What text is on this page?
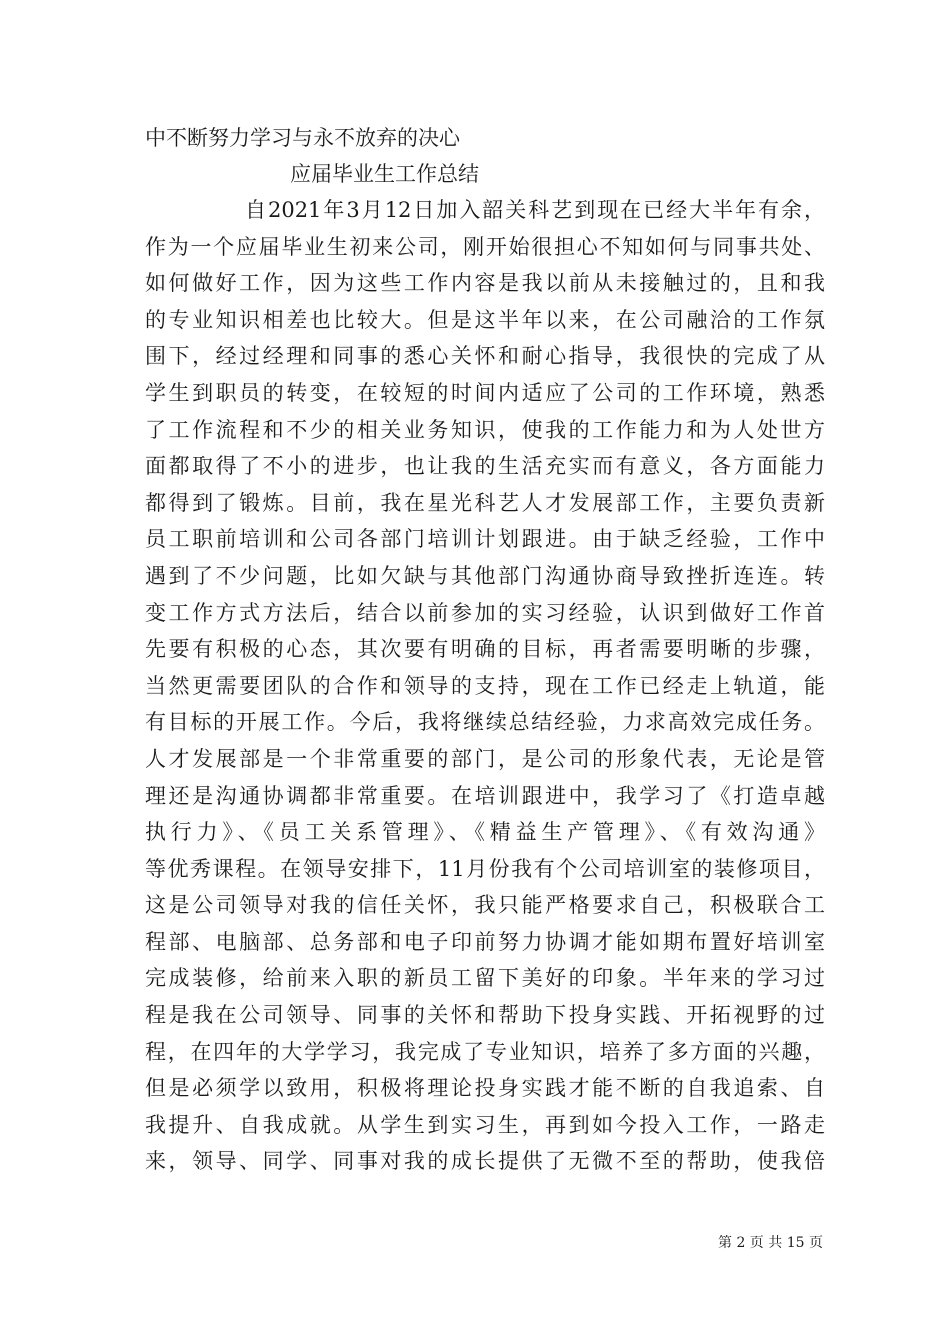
中不断努力学习与永不放弃的决心
应届毕业生工作总结
自2021年3月12日加入韶关科艺到现在已经大半年有余，
作为一个应届毕业生初来公司，刚开始很担心不知如何与同事共处、
如何做好工作，因为这些工作内容是我以前从未接触过的，且和我
的专业知识相差也比较大。但是这半年以来，在公司融洽的工作氛
围下，经过经理和同事的悉心关怀和耐心指导，我很快的完成了从
学生到职员的转变，在较短的时间内适应了公司的工作环境，熟悉
了工作流程和不少的相关业务知识，使我的工作能力和为人处世方
面都取得了不小的进步，也让我的生活充实而有意义，各方面能力
都得到了锻炼。目前，我在星光科艺人才发展部工作，主要负责新
员工职前培训和公司各部门培训计划跟进。由于缺乏经验，工作中
遇到了不少问题，比如欠缺与其他部门沟通协商导致挫折连连。转
变工作方式方法后，结合以前参加的实习经验，认识到做好工作首
先要有积极的心态，其次要有明确的目标，再者需要明晰的步骤，
当然更需要团队的合作和领导的支持，现在工作已经走上轨道，能
有目标的开展工作。今后，我将继续总结经验，力求高效完成任务。
人才发展部是一个非常重要的部门，是公司的形象代表，无论是管
理还是沟通协调都非常重要。在培训跟进中，我学习了《打造卓越
执行力》、《员工关系管理》、《精益生产管理》、《有效沟通》
等优秀课程。在领导安排下，11月份我有个公司培训室的装修项目，
这是公司领导对我的信任关怀，我只能严格要求自己，积极联合工
程部、电脑部、总务部和电子印前努力协调才能如期布置好培训室
完成装修，给前来入职的新员工留下美好的印象。半年来的学习过
程是我在公司领导、同事的关怀和帮助下投身实践、开拓视野的过
程，在四年的大学学习，我完成了专业知识，培养了多方面的兴趣，
但是必须学以致用，积极将理论投身实践才能不断的自我追索、自
我提升、自我成就。从学生到实习生，再到如今投入工作，一路走
来，领导、同学、同事对我的成长提供了无微不至的帮助，使我倍
第 2 页 共 15 页
